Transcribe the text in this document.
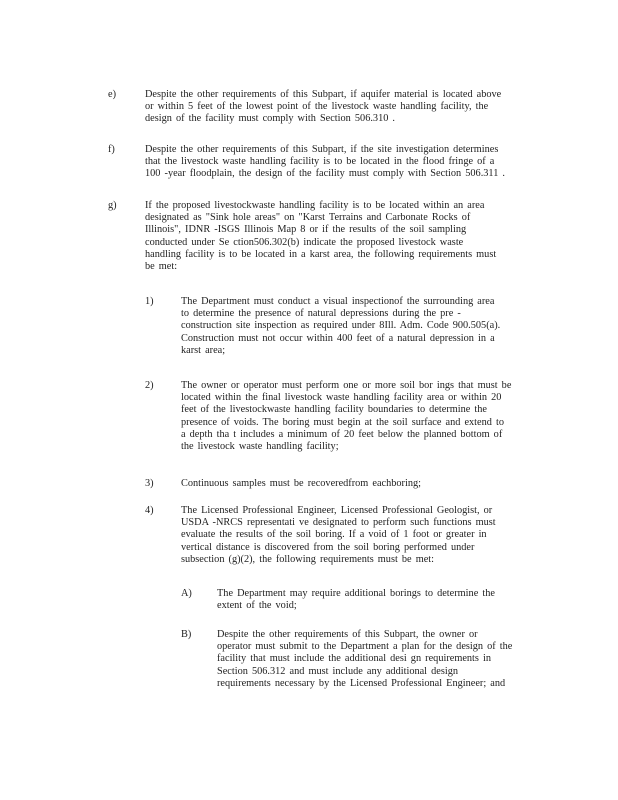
e)	Despite the other requirements of this Subpart, if aquifer material is located above
or within 5 feet of the lowest point of the livestock waste handling facility, the
design of the facility must comply with Section 506.310 .
f)	Despite the other requirements of this Subpart, if the site investigation determines
that the livestock waste handling facility is to be located in the flood fringe of a
100 -year floodplain, the design of the facility must comply with Section 506.311 .
g)	If the proposed livestockwaste handling facility is to be located within an area
designated as "Sink hole areas" on "Karst Terrains and Carbonate Rocks of
Illinois", IDNR -ISGS Illinois Map 8 or if the results of the soil sampling
conducted under Se ction506.302(b) indicate the proposed livestock waste
handling facility is to be located in a karst area, the following requirements must
be met:
1)	The Department must conduct a visual inspectionof the surrounding area
to determine the presence of natural depressions during the pre -
construction site inspection as required under 8Ill. Adm. Code 900.505(a).
Construction must not occur within 400 feet of a natural depression in a
karst area;
2)	The owner or operator must perform one or more soil bor ings that must be
located within the final livestock waste handling facility area or within 20
feet of the livestockwaste handling facility boundaries to determine the
presence of voids. The boring must begin at the soil surface and extend to
a depth tha t includes a minimum of 20 feet below the planned bottom of
the livestock waste handling facility;
3)	Continuous samples must be recoveredfrom eachboring;
4)	The Licensed Professional Engineer, Licensed Professional Geologist, or
USDA -NRCS representati ve designated to perform such functions must
evaluate the results of the soil boring. If a void of 1 foot or greater in
vertical distance is discovered from the soil boring performed under
subsection (g)(2), the following requirements must be met:
A) The Department may require additional borings to determine the
extent of the void;
B) Despite the other requirements of this Subpart, the owner or
operator must submit to the Department a plan for the design of the
facility that must include the additional desi gn requirements in
Section 506.312 and must include any additional design
requirements necessary by the Licensed Professional Engineer; and
